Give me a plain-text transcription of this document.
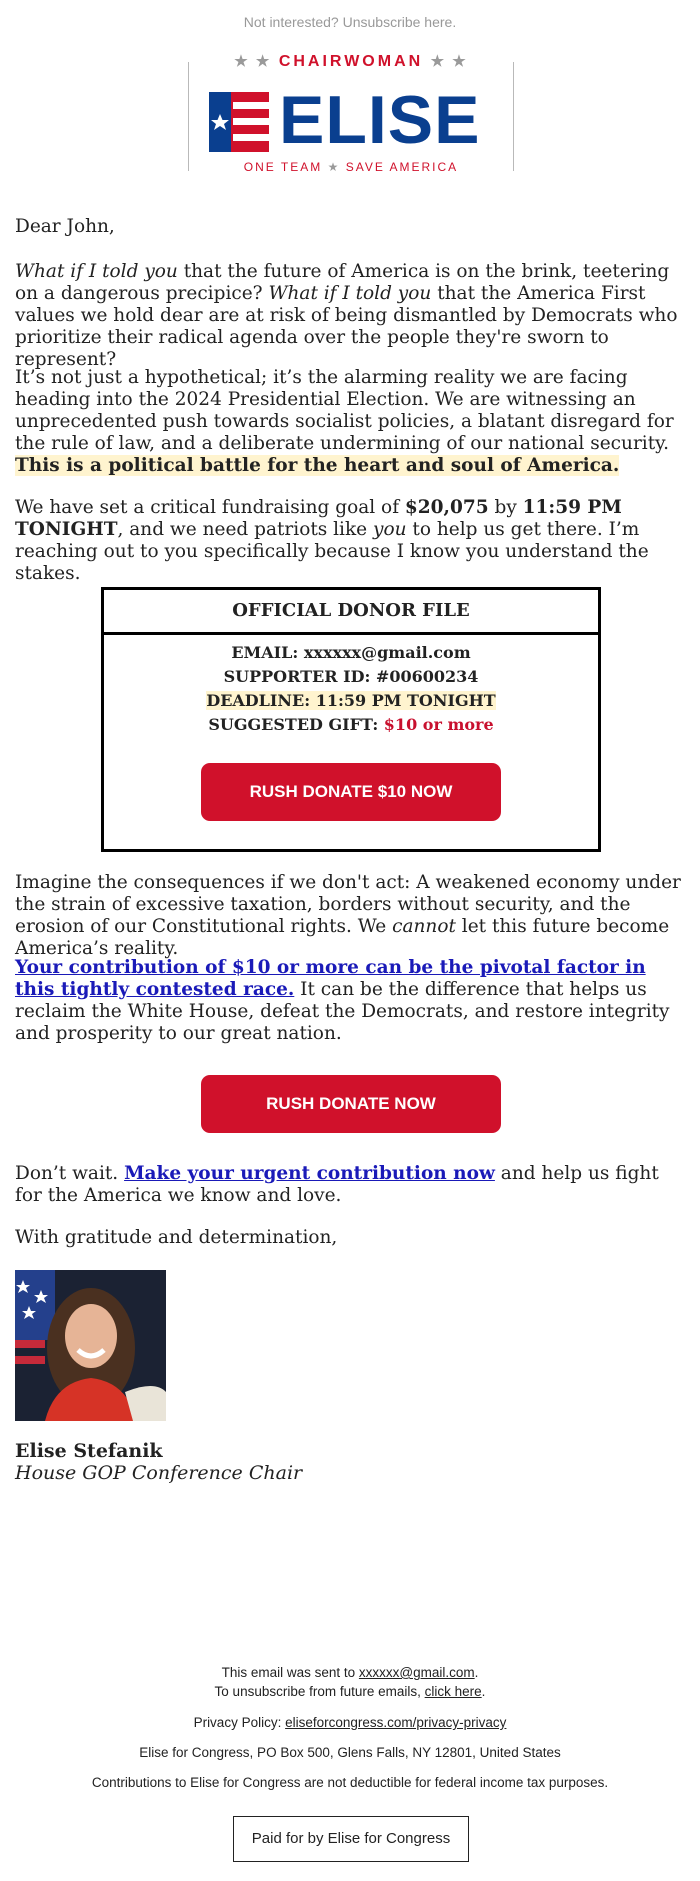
Not interested? Unsubscribe here.
★ ★ CHAIRWOMAN ★ ★
ELISE
ONE TEAM ★ SAVE AMERICA

Dear John,

What if I told you that the future of America is on the brink, teetering on a dangerous precipice? What if I told you that the America First values we hold dear are at risk of being dismantled by Democrats who prioritize their radical agenda over the people they're sworn to represent?

It’s not just a hypothetical; it’s the alarming reality we are facing heading into the 2024 Presidential Election. We are witnessing an unprecedented push towards socialist policies, a blatant disregard for the rule of law, and a deliberate undermining of our national security. This is a political battle for the heart and soul of America.

We have set a critical fundraising goal of $20,075 by 11:59 PM TONIGHT, and we need patriots like you to help us get there. I’m reaching out to you specifically because I know you understand the stakes.

OFFICIAL DONOR FILE
EMAIL: xxxxxx@gmail.com
SUPPORTER ID: #00600234
DEADLINE: 11:59 PM TONIGHT
SUGGESTED GIFT: $10 or more
RUSH DONATE $10 NOW

Imagine the consequences if we don't act: A weakened economy under the strain of excessive taxation, borders without security, and the erosion of our Constitutional rights. We cannot let this future become America’s reality.

Your contribution of $10 or more can be the pivotal factor in this tightly contested race. It can be the difference that helps us reclaim the White House, defeat the Democrats, and restore integrity and prosperity to our great nation.

RUSH DONATE NOW

Don’t wait. Make your urgent contribution now and help us fight for the America we know and love.

With gratitude and determination,

Elise Stefanik

House GOP Conference Chair

This email was sent to xxxxxx@gmail.com.
To unsubscribe from future emails, click here.
Privacy Policy: eliseforcongress.com/privacy-privacy
Elise for Congress, PO Box 500, Glens Falls, NY 12801, United States
Contributions to Elise for Congress are not deductible for federal income tax purposes.
Paid for by Elise for Congress
